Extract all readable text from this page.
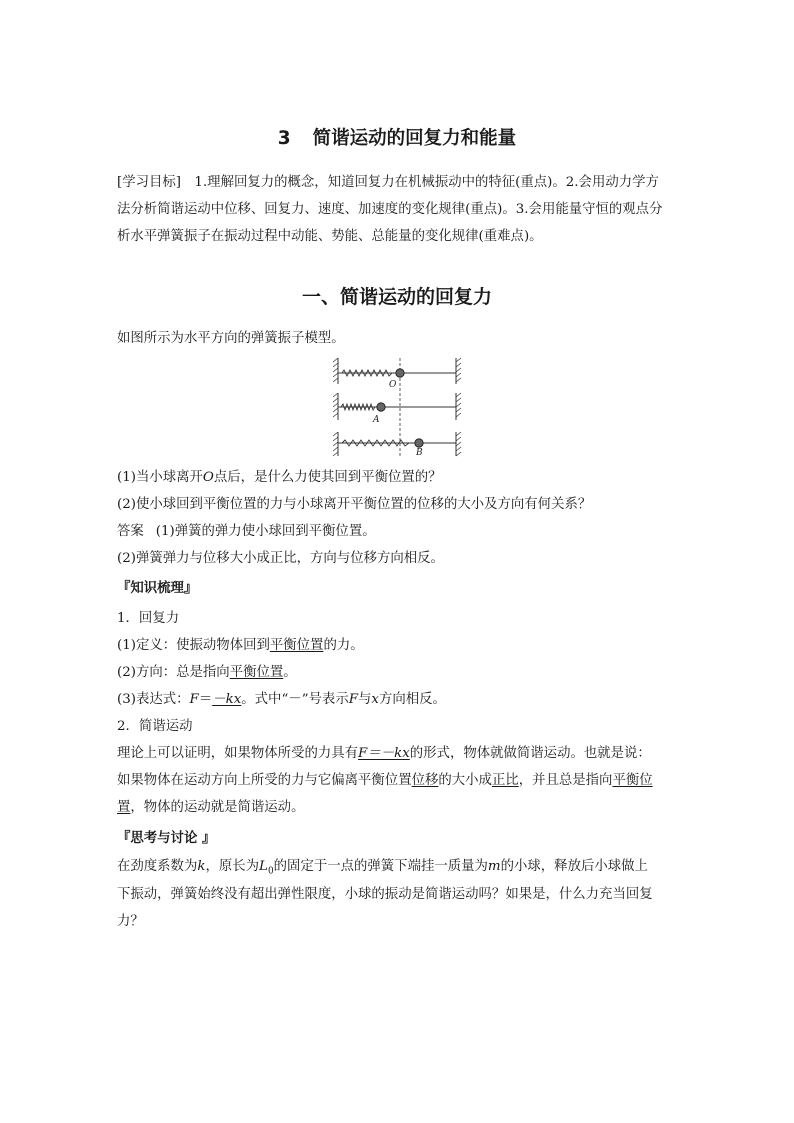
3 简谐运动的回复力和能量
[学习目标]　1.理解回复力的概念，知道回复力在机械振动中的特征(重点)。2.会用动力学方
法分析简谐运动中位移、回复力、速度、加速度的变化规律(重点)。3.会用能量守恒的观点分
析水平弹簧振子在振动过程中动能、势能、总能量的变化规律(重难点)。
一、简谐运动的回复力
如图所示为水平方向的弹簧振子模型。
O
A
B
(1)当小球离开O点后，是什么力使其回到平衡位置的？
(2)使小球回到平衡位置的力与小球离开平衡位置的位移的大小及方向有何关系？
答案 (1)弹簧的弹力使小球回到平衡位置。
(2)弹簧弹力与位移大小成正比，方向与位移方向相反。
『知识梳理』
1．回复力
(1)定义：使振动物体回到平衡位置的力。
(2)方向：总是指向平衡位置。
(3)表达式：F＝－kx。式中“－”号表示F与x方向相反。
2．简谐运动
理论上可以证明，如果物体所受的力具有F＝－kx的形式，物体就做简谐运动。也就是说：
如果物体在运动方向上所受的力与它偏离平衡位置位移的大小成正比，并且总是指向平衡位
置，物体的运动就是简谐运动。
『思考与讨论 』
在劲度系数为k，原长为$L_0$的固定于一点的弹簧下端挂一质量为m的小球，释放后小球做上
下振动，弹簧始终没有超出弹性限度，小球的振动是简谐运动吗？如果是，什么力充当回复
力？
